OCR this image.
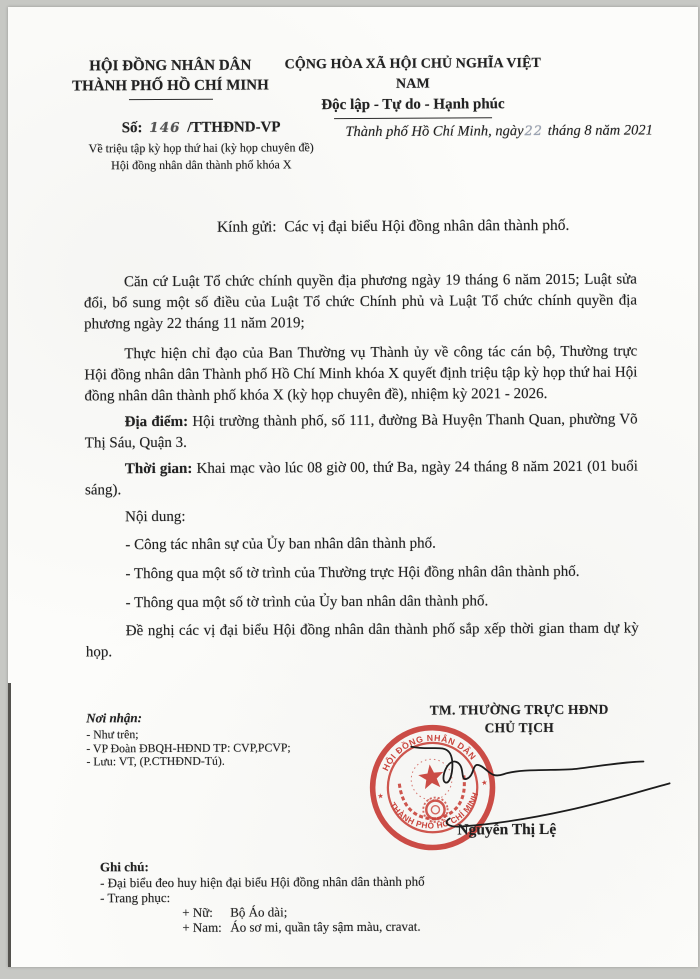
HỘI ĐỒNG NHÂN DÂN
THÀNH PHỐ HỒ CHÍ MINH
CỘNG HÒA XÃ HỘI CHỦ NGHĨA VIỆT NAM
Độc lập - Tự do - Hạnh phúc
Số: 146 /TTHĐND-VP
Về triệu tập kỳ họp thứ hai (kỳ họp chuyên đề)
Hội đồng nhân dân thành phố khóa X
Thành phố Hồ Chí Minh, ngày22 tháng 8 năm 2021

Kính gửi: Các vị đại biểu Hội đồng nhân dân thành phố.

Căn cứ Luật Tổ chức chính quyền địa phương ngày 19 tháng 6 năm 2015; Luật sửa đổi, bổ sung một số điều của Luật Tổ chức Chính phủ và Luật Tổ chức chính quyền địa phương ngày 22 tháng 11 năm 2019;

Thực hiện chỉ đạo của Ban Thường vụ Thành ủy về công tác cán bộ, Thường trực Hội đồng nhân dân Thành phố Hồ Chí Minh khóa X quyết định triệu tập kỳ họp thứ hai Hội đồng nhân dân thành phố khóa X (kỳ họp chuyên đề), nhiệm kỳ 2021 - 2026.

Địa điểm: Hội trường thành phố, số 111, đường Bà Huyện Thanh Quan, phường Võ Thị Sáu, Quận 3.

Thời gian: Khai mạc vào lúc 08 giờ 00, thứ Ba, ngày 24 tháng 8 năm 2021 (01 buổi sáng).

Nội dung:

- Công tác nhân sự của Ủy ban nhân dân thành phố.

- Thông qua một số tờ trình của Thường trực Hội đồng nhân dân thành phố.

- Thông qua một số tờ trình của Ủy ban nhân dân thành phố.

Đề nghị các vị đại biểu Hội đồng nhân dân thành phố sắp xếp thời gian tham dự kỳ họp.

Nơi nhận:
- Như trên;
- VP Đoàn ĐBQH-HĐND TP: CVP,PCVP;
- Lưu: VT, (P.CTHĐND-Tú).
TM. THƯỜNG TRỰC HĐND
CHỦ TỊCH
HỘI ĐỒNG NHÂN DÂN
THÀNH PHỐ HỒ CHÍ MINH
★
★
Nguyễn Thị Lệ
Ghi chú:
- Đại biểu đeo huy hiện đại biểu Hội đồng nhân dân thành phố
- Trang phục:
+ Nữ:	Bộ Áo dài;
+ Nam: Áo sơ mi, quần tây sậm màu, cravat.
